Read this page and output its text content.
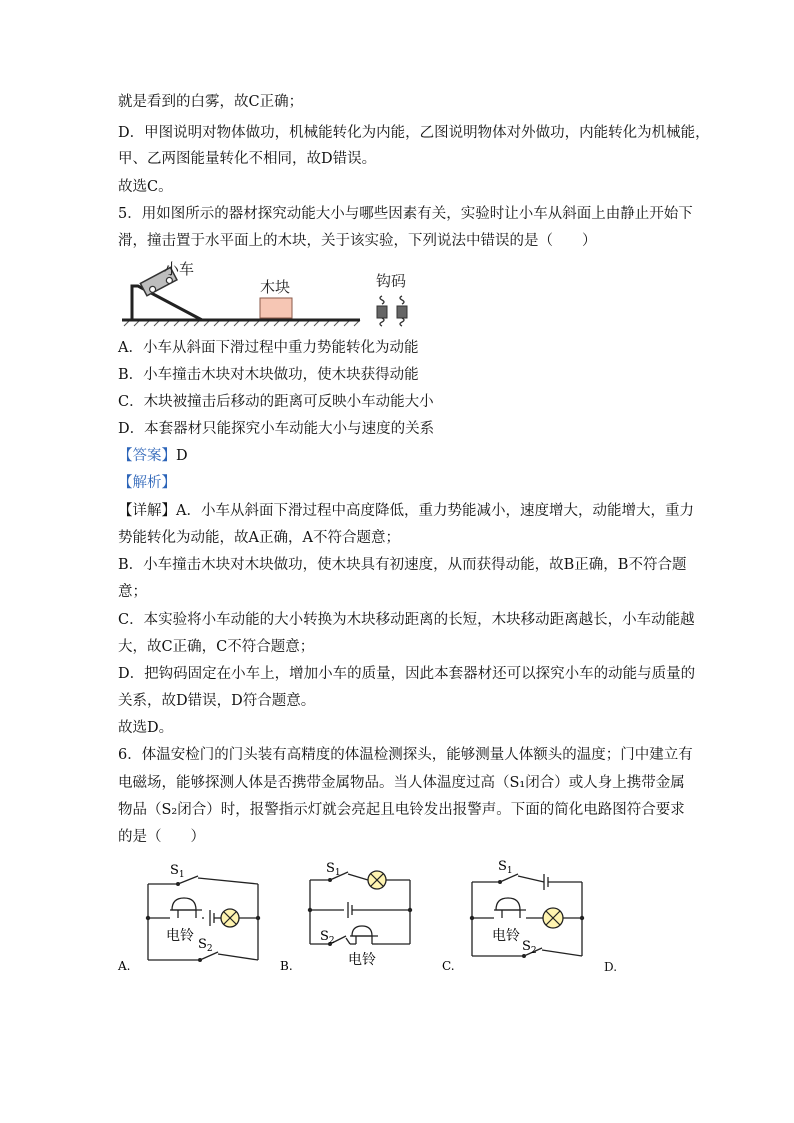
就是看到的白雾，故C正确；
D．甲图说明对物体做功，机械能转化为内能，乙图说明物体对外做功，内能转化为机械能，
甲、乙两图能量转化不相同，故D错误。
故选C。
5．用如图所示的器材探究动能大小与哪些因素有关，实验时让小车从斜面上由静止开始下
滑，撞击置于水平面上的木块，关于该实验，下列说法中错误的是（　　）
小车
木块	钩码
A．小车从斜面下滑过程中重力势能转化为动能
B．小车撞击木块对木块做功，使木块获得动能
C．木块被撞击后移动的距离可反映小车动能大小
D．本套器材只能探究小车动能大小与速度的关系
【答案】D
【解析】
【详解】A．小车从斜面下滑过程中高度降低，重力势能减小，速度增大，动能增大，重力
势能转化为动能，故A正确，A不符合题意；
B．小车撞击木块对木块做功，使木块具有初速度，从而获得动能，故B正确，B不符合题
意；
C．本实验将小车动能的大小转换为木块移动距离的长短，木块移动距离越长，小车动能越
大，故C正确，C不符合题意；
D．把钩码固定在小车上，增加小车的质量，因此本套器材还可以探究小车的动能与质量的
关系，故D错误，D符合题意。
故选D。
6．体温安检门的门头装有高精度的体温检测探头，能够测量人体额头的温度；门中建立有
电磁场，能够探测人体是否携带金属物品。当人体温度过高（S₁闭合）或人身上携带金属
物品（S₂闭合）时，报警指示灯就会亮起且电铃发出报警声。下面的简化电路图符合要求
的是（　　）
$S_1$
$S_2$
电铃
A.
$S_1$
$S_2$
电铃
B.
$S_1$
$S_2$
电铃
C.	D.
